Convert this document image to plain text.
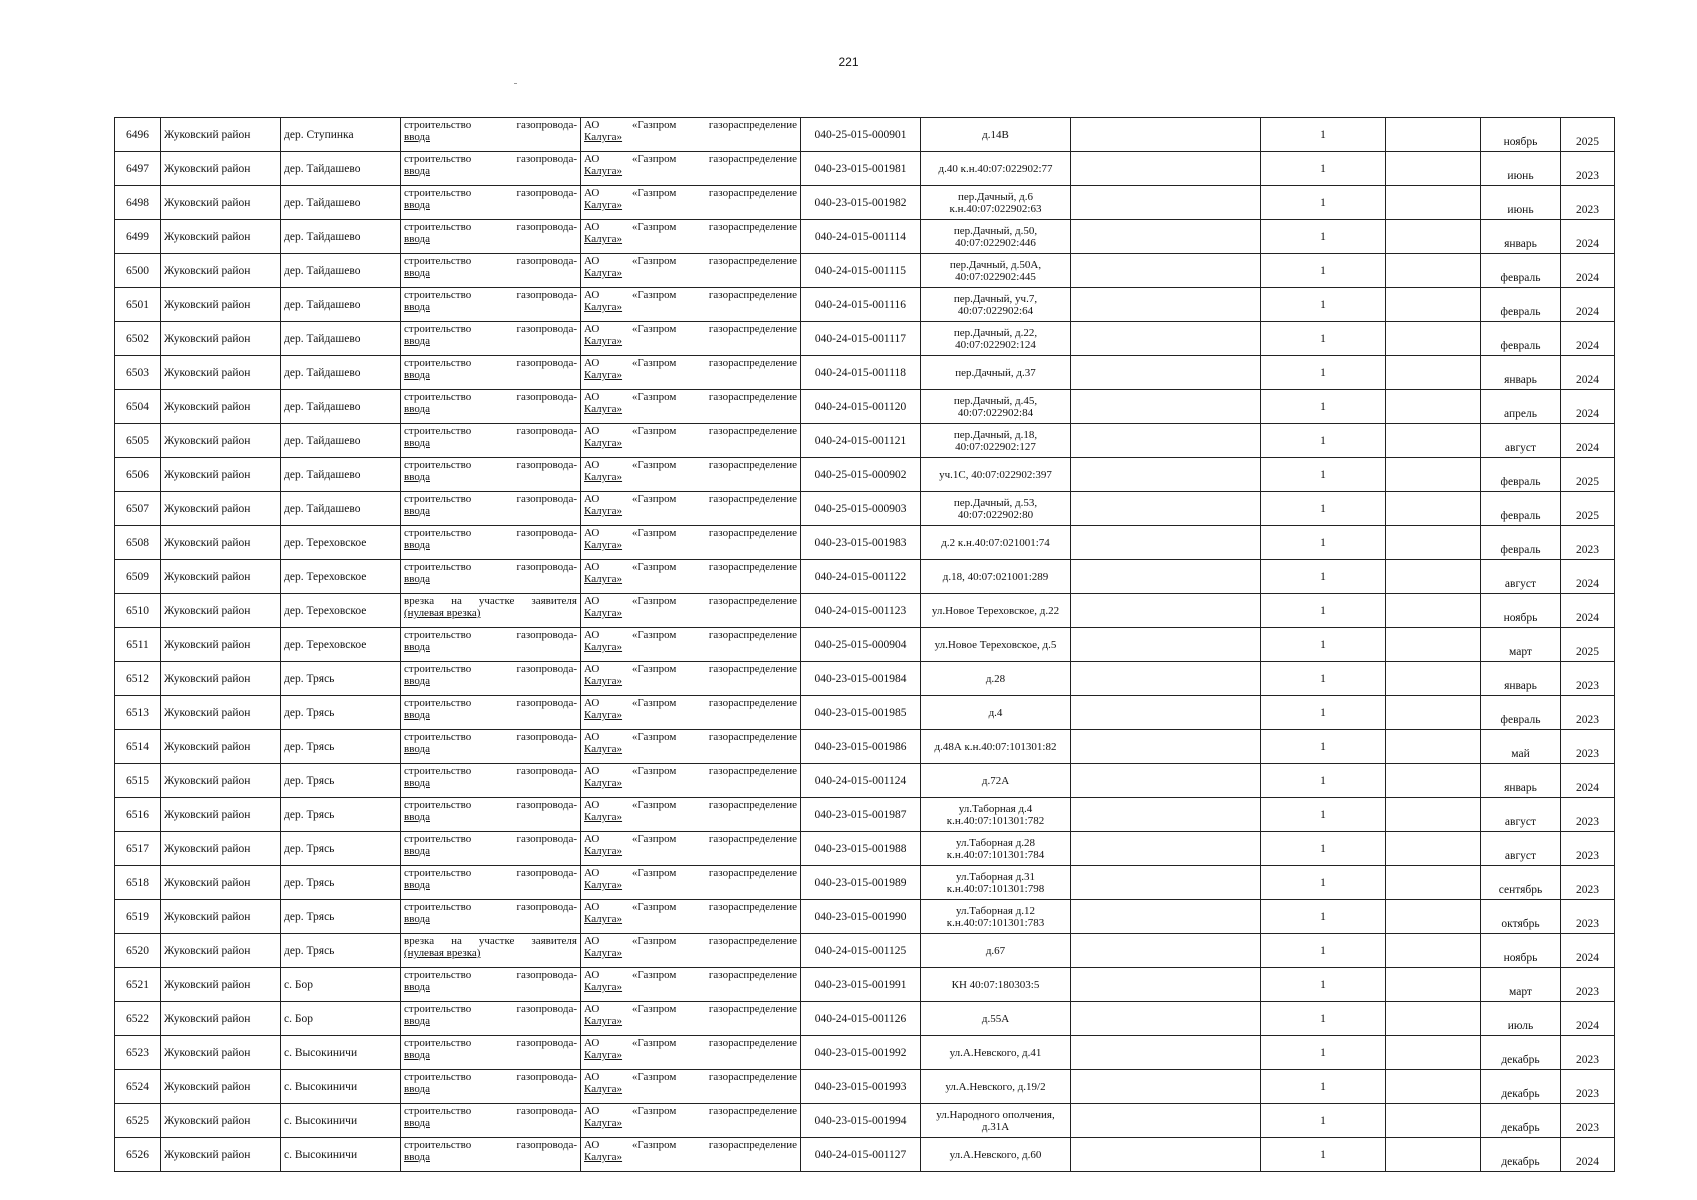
221
6496	Жуковский район	дер. Ступинка	строительство газопровода-
ввода	АО «Газпром газораспределение
Калуга»	040-25-015-000901	д.14В		1		ноябрь	2025
6497	Жуковский район	дер. Тайдашево	строительство газопровода-
ввода	АО «Газпром газораспределение
Калуга»	040-23-015-001981	д.40 к.н.40:07:022902:77		1		июнь	2023
6498	Жуковский район	дер. Тайдашево	строительство газопровода-
ввода	АО «Газпром газораспределение
Калуга»	040-23-015-001982	пер.Дачный, д.6 к.н.40:07:022902:63		1		июнь	2023
6499	Жуковский район	дер. Тайдашево	строительство газопровода-
ввода	АО «Газпром газораспределение
Калуга»	040-24-015-001114	пер.Дачный, д.50, 40:07:022902:446		1		январь	2024
6500	Жуковский район	дер. Тайдашево	строительство газопровода-
ввода	АО «Газпром газораспределение
Калуга»	040-24-015-001115	пер.Дачный, д.50А, 40:07:022902:445		1		февраль	2024
6501	Жуковский район	дер. Тайдашево	строительство газопровода-
ввода	АО «Газпром газораспределение
Калуга»	040-24-015-001116	пер.Дачный, уч.7, 40:07:022902:64		1		февраль	2024
6502	Жуковский район	дер. Тайдашево	строительство газопровода-
ввода	АО «Газпром газораспределение
Калуга»	040-24-015-001117	пер.Дачный, д.22, 40:07:022902:124		1		февраль	2024
6503	Жуковский район	дер. Тайдашево	строительство газопровода-
ввода	АО «Газпром газораспределение
Калуга»	040-24-015-001118	пер.Дачный, д.37		1		январь	2024
6504	Жуковский район	дер. Тайдашево	строительство газопровода-
ввода	АО «Газпром газораспределение
Калуга»	040-24-015-001120	пер.Дачный, д.45, 40:07:022902:84		1		апрель	2024
6505	Жуковский район	дер. Тайдашево	строительство газопровода-
ввода	АО «Газпром газораспределение
Калуга»	040-24-015-001121	пер.Дачный, д.18, 40:07:022902:127		1		август	2024
6506	Жуковский район	дер. Тайдашево	строительство газопровода-
ввода	АО «Газпром газораспределение
Калуга»	040-25-015-000902	уч.1С, 40:07:022902:397		1		февраль	2025
6507	Жуковский район	дер. Тайдашево	строительство газопровода-
ввода	АО «Газпром газораспределение
Калуга»	040-25-015-000903	пер.Дачный, д.53, 40:07:022902:80		1		февраль	2025
6508	Жуковский район	дер. Тереховское	строительство газопровода-
ввода	АО «Газпром газораспределение
Калуга»	040-23-015-001983	д.2 к.н.40:07:021001:74		1		февраль	2023
6509	Жуковский район	дер. Тереховское	строительство газопровода-
ввода	АО «Газпром газораспределение
Калуга»	040-24-015-001122	д.18, 40:07:021001:289		1		август	2024
6510	Жуковский район	дер. Тереховское	врезка на участке заявителя
(нулевая врезка)	АО «Газпром газораспределение
Калуга»	040-24-015-001123	ул.Новое Тереховское, д.22		1		ноябрь	2024
6511	Жуковский район	дер. Тереховское	строительство газопровода-
ввода	АО «Газпром газораспределение
Калуга»	040-25-015-000904	ул.Новое Тереховское, д.5		1		март	2025
6512	Жуковский район	дер. Трясь	строительство газопровода-
ввода	АО «Газпром газораспределение
Калуга»	040-23-015-001984	д.28		1		январь	2023
6513	Жуковский район	дер. Трясь	строительство газопровода-
ввода	АО «Газпром газораспределение
Калуга»	040-23-015-001985	д.4		1		февраль	2023
6514	Жуковский район	дер. Трясь	строительство газопровода-
ввода	АО «Газпром газораспределение
Калуга»	040-23-015-001986	д.48А к.н.40:07:101301:82		1		май	2023
6515	Жуковский район	дер. Трясь	строительство газопровода-
ввода	АО «Газпром газораспределение
Калуга»	040-24-015-001124	д.72А		1		январь	2024
6516	Жуковский район	дер. Трясь	строительство газопровода-
ввода	АО «Газпром газораспределение
Калуга»	040-23-015-001987	ул.Таборная д.4 к.н.40:07:101301:782		1		август	2023
6517	Жуковский район	дер. Трясь	строительство газопровода-
ввода	АО «Газпром газораспределение
Калуга»	040-23-015-001988	ул.Таборная д.28 к.н.40:07:101301:784		1		август	2023
6518	Жуковский район	дер. Трясь	строительство газопровода-
ввода	АО «Газпром газораспределение
Калуга»	040-23-015-001989	ул.Таборная д.31 к.н.40:07:101301:798		1		сентябрь	2023
6519	Жуковский район	дер. Трясь	строительство газопровода-
ввода	АО «Газпром газораспределение
Калуга»	040-23-015-001990	ул.Таборная д.12 к.н.40:07:101301:783		1		октябрь	2023
6520	Жуковский район	дер. Трясь	врезка на участке заявителя
(нулевая врезка)	АО «Газпром газораспределение
Калуга»	040-24-015-001125	д.67		1		ноябрь	2024
6521	Жуковский район	с. Бор	строительство газопровода-
ввода	АО «Газпром газораспределение
Калуга»	040-23-015-001991	КН 40:07:180303:5		1		март	2023
6522	Жуковский район	с. Бор	строительство газопровода-
ввода	АО «Газпром газораспределение
Калуга»	040-24-015-001126	д.55А		1		июль	2024
6523	Жуковский район	с. Высокиничи	строительство газопровода-
ввода	АО «Газпром газораспределение
Калуга»	040-23-015-001992	ул.А.Невского, д.41		1		декабрь	2023
6524	Жуковский район	с. Высокиничи	строительство газопровода-
ввода	АО «Газпром газораспределение
Калуга»	040-23-015-001993	ул.А.Невского, д.19/2		1		декабрь	2023
6525	Жуковский район	с. Высокиничи	строительство газопровода-
ввода	АО «Газпром газораспределение
Калуга»	040-23-015-001994	ул.Народного ополчения, д.31А		1		декабрь	2023
6526	Жуковский район	с. Высокиничи	строительство газопровода-
ввода	АО «Газпром газораспределение
Калуга»	040-24-015-001127	ул.А.Невского, д.60		1		декабрь	2024
